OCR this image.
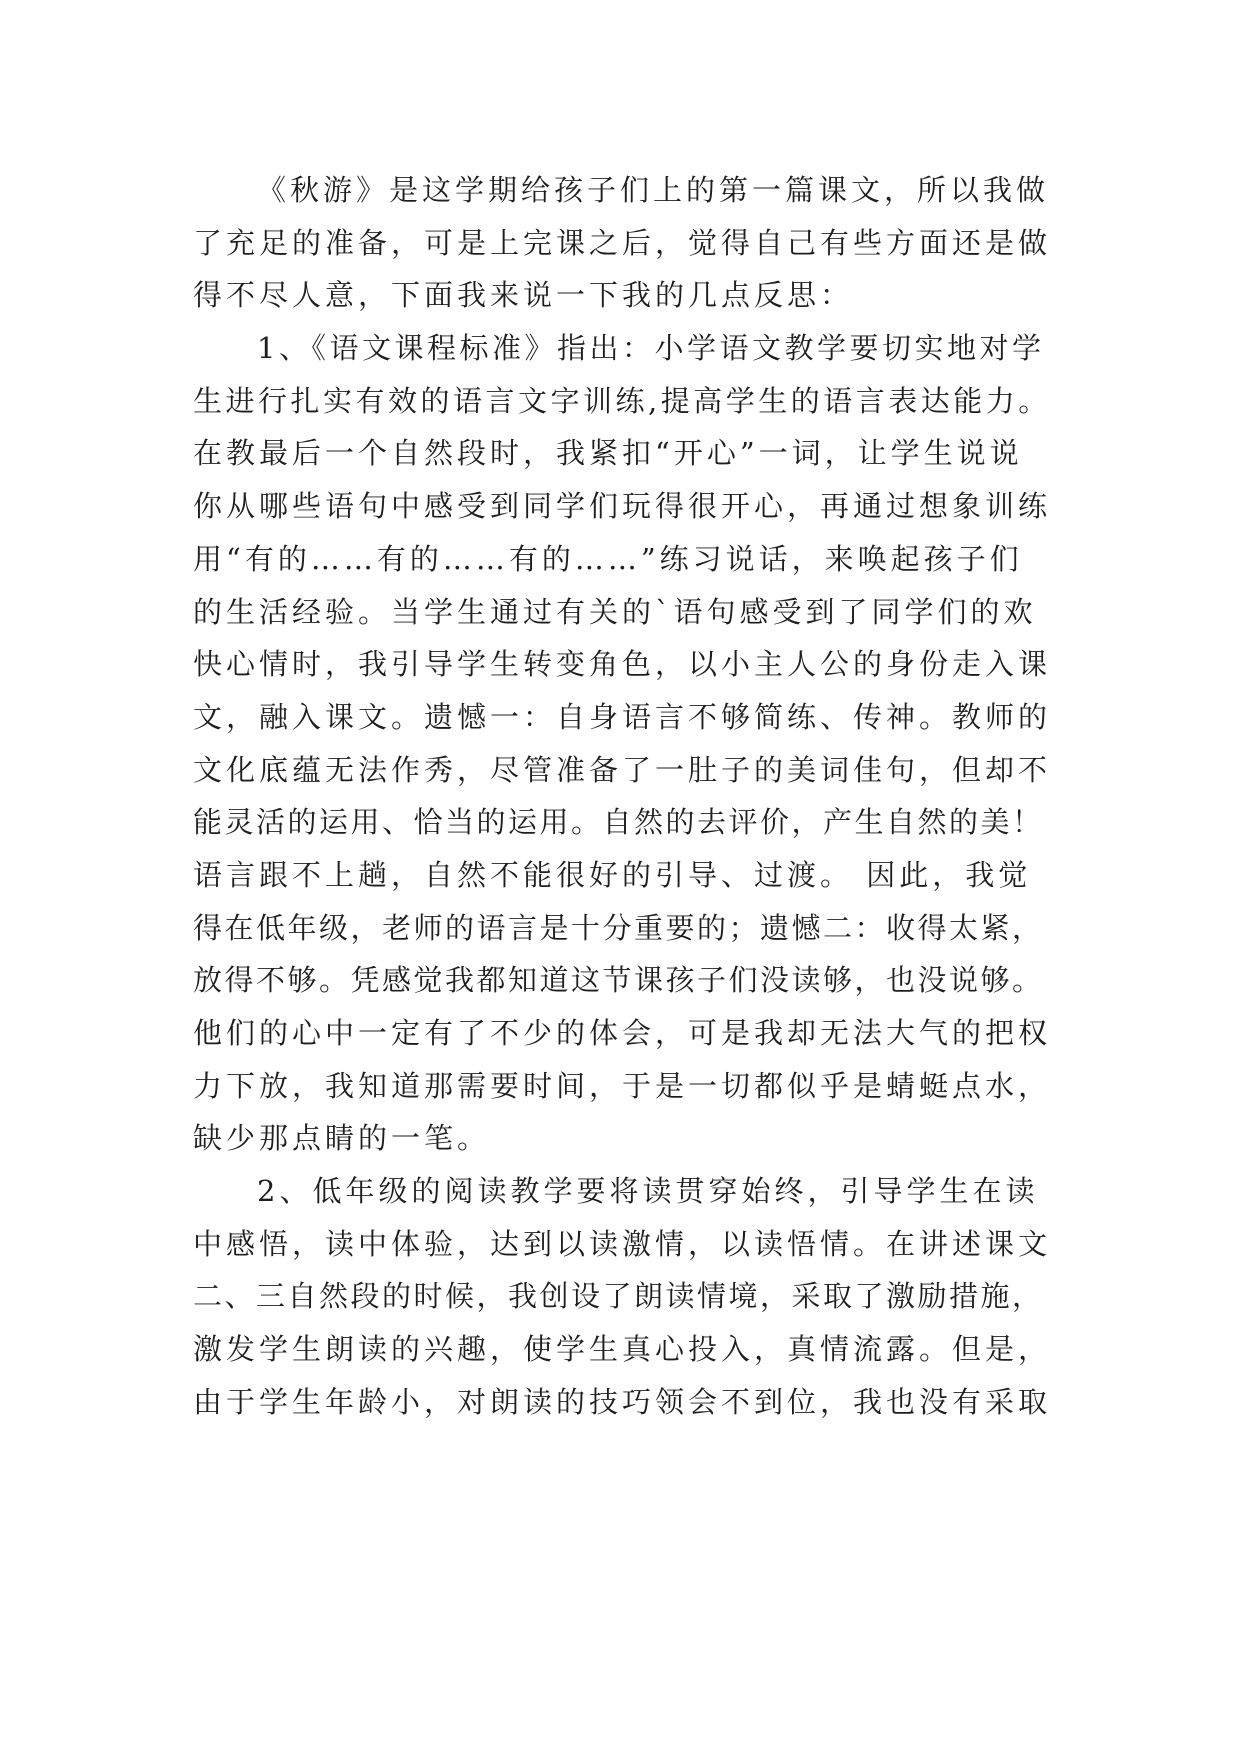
《秋游》是这学期给孩子们上的第一篇课文，所以我做
了充足的准备，可是上完课之后，觉得自己有些方面还是做
得不尽人意，下面我来说一下我的几点反思：
1、《语文课程标准》指出：小学语文教学要切实地对学
生进行扎实有效的语言文字训练,提高学生的语言表达能力。
在教最后一个自然段时，我紧扣“开心”一词，让学生说说
你从哪些语句中感受到同学们玩得很开心，再通过想象训练
用“有的……有的……有的……”练习说话，来唤起孩子们
的生活经验。当学生通过有关的`语句感受到了同学们的欢
快心情时，我引导学生转变角色，以小主人公的身份走入课
文，融入课文。遗憾一：自身语言不够简练、传神。教师的
文化底蕴无法作秀，尽管准备了一肚子的美词佳句，但却不
能灵活的运用、恰当的运用。自然的去评价，产生自然的美！
语言跟不上趟，自然不能很好的引导、过渡。 因此，我觉
得在低年级，老师的语言是十分重要的；遗憾二：收得太紧，
放得不够。凭感觉我都知道这节课孩子们没读够，也没说够。
他们的心中一定有了不少的体会，可是我却无法大气的把权
力下放，我知道那需要时间，于是一切都似乎是蜻蜓点水，
缺少那点睛的一笔。
2、低年级的阅读教学要将读贯穿始终，引导学生在读
中感悟，读中体验，达到以读激情，以读悟情。在讲述课文
二、三自然段的时候，我创设了朗读情境，采取了激励措施，
激发学生朗读的兴趣，使学生真心投入，真情流露。但是，
由于学生年龄小，对朗读的技巧领会不到位，我也没有采取
